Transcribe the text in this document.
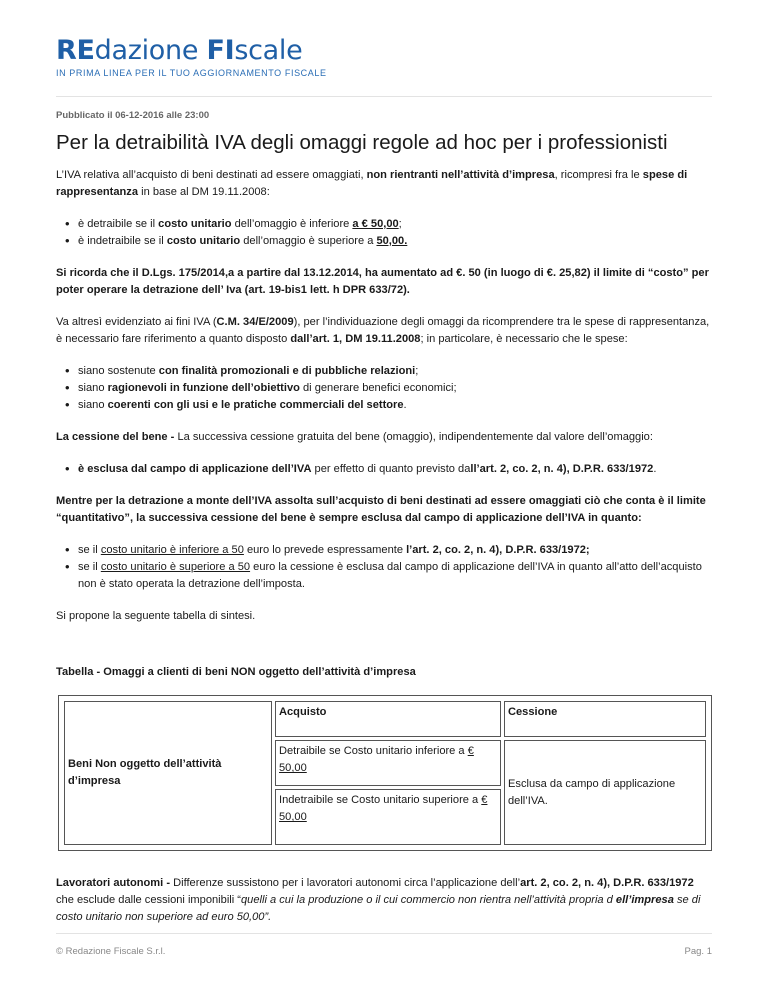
REdazione FIscale
IN PRIMA LINEA PER IL TUO AGGIORNAMENTO FISCALE
Pubblicato il 06-12-2016 alle 23:00
Per la detraibilità IVA degli omaggi regole ad hoc per i professionisti

L’IVA relativa all’acquisto di beni destinati ad essere omaggiati, non rientranti nell’attività d’impresa, ricompresi fra le spese di rappresentanza in base al DM 19.11.2008:

• è detraibile se il costo unitario dell’omaggio è inferiore a € 50,00;
• è indetraibile se il costo unitario dell’omaggio è superiore a 50,00.

Si ricorda che il D.Lgs. 175/2014,a a partire dal 13.12.2014, ha aumentato ad €. 50 (in luogo di €. 25,82) il limite di “costo” per poter operare la detrazione dell’ Iva (art. 19-bis1 lett. h DPR 633/72).

Va altresì evidenziato ai fini IVA (C.M. 34/E/2009), per l’individuazione degli omaggi da ricomprendere tra le spese di rappresentanza, è necessario fare riferimento a quanto disposto dall’art. 1, DM 19.11.2008; in particolare, è necessario che le spese:

• siano sostenute con finalità promozionali e di pubbliche relazioni;
• siano ragionevoli in funzione dell’obiettivo di generare benefici economici;
• siano coerenti con gli usi e le pratiche commerciali del settore.

La cessione del bene - La successiva cessione gratuita del bene (omaggio), indipendentemente dal valore dell’omaggio:

• è esclusa dal campo di applicazione dell’IVA per effetto di quanto previsto dall’art. 2, co. 2, n. 4), D.P.R. 633/1972.

Mentre per la detrazione a monte dell’IVA assolta sull’acquisto di beni destinati ad essere omaggiati ciò che conta è il limite “quantitativo”, la successiva cessione del bene è sempre esclusa dal campo di applicazione dell’IVA in quanto:

• se il costo unitario è inferiore a 50 euro lo prevede espressamente l’art. 2, co. 2, n. 4), D.P.R. 633/1972;
• se il costo unitario è superiore a 50 euro la cessione è esclusa dal campo di applicazione dell’IVA in quanto all’atto dell’acquisto non è stato operata la detrazione dell’imposta.

Si propone la seguente tabella di sintesi.

Tabella - Omaggi a clienti di beni NON oggetto dell’attività d’impresa

Beni Non oggetto dell’attività d’impresa	Acquisto	Cessione
	Detraibile se Costo unitario inferiore a € 50,00	Esclusa da campo di applicazione dell’IVA.
	Indetraibile se Costo unitario superiore a € 50,00	

Lavoratori autonomi - Differenze sussistono per i lavoratori autonomi circa l’applicazione dell’art. 2, co. 2, n. 4), D.P.R. 633/1972 che esclude dalle cessioni imponibili “quelli a cui la produzione o il cui commercio non rientra nell’attività propria d ell’impresa se di costo unitario non superiore ad euro 50,00”.

© Redazione Fiscale S.r.l.	Pag. 1
